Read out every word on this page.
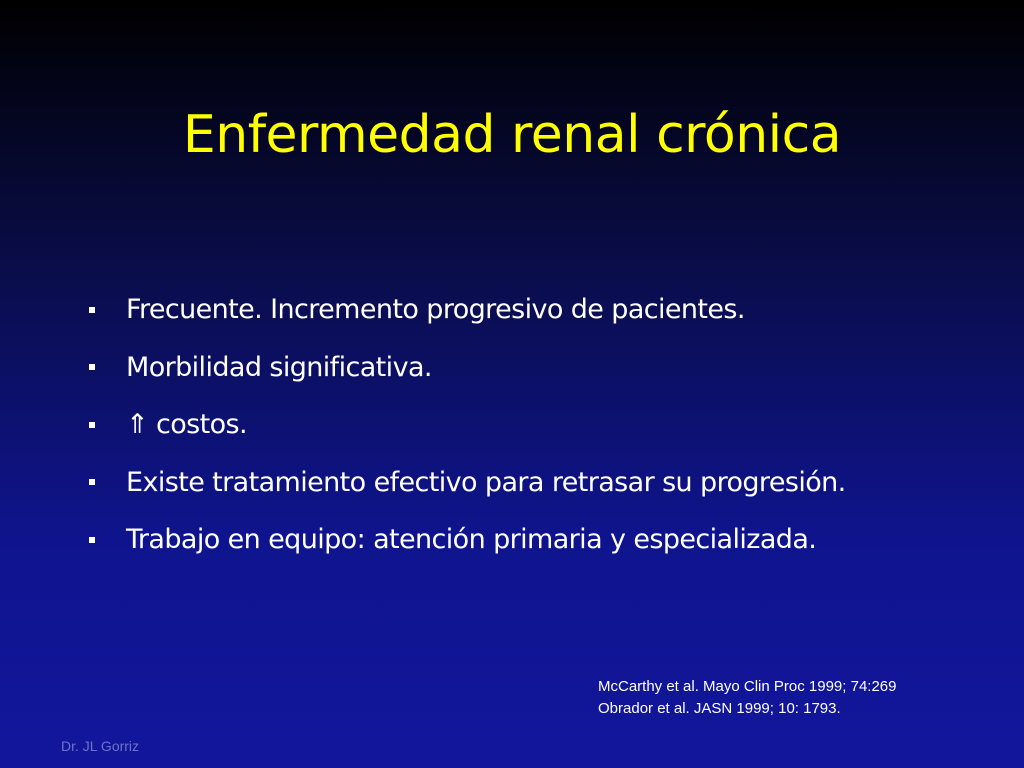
Enfermedad renal crónica
Frecuente. Incremento progresivo de pacientes.
Morbilidad significativa.
⇑ costos.
Existe tratamiento efectivo para retrasar su progresión.
Trabajo en equipo: atención primaria y especializada.
McCarthy et al. Mayo Clin Proc 1999; 74:269
Obrador et al. JASN 1999; 10: 1793.
Dr. JL Gorriz
